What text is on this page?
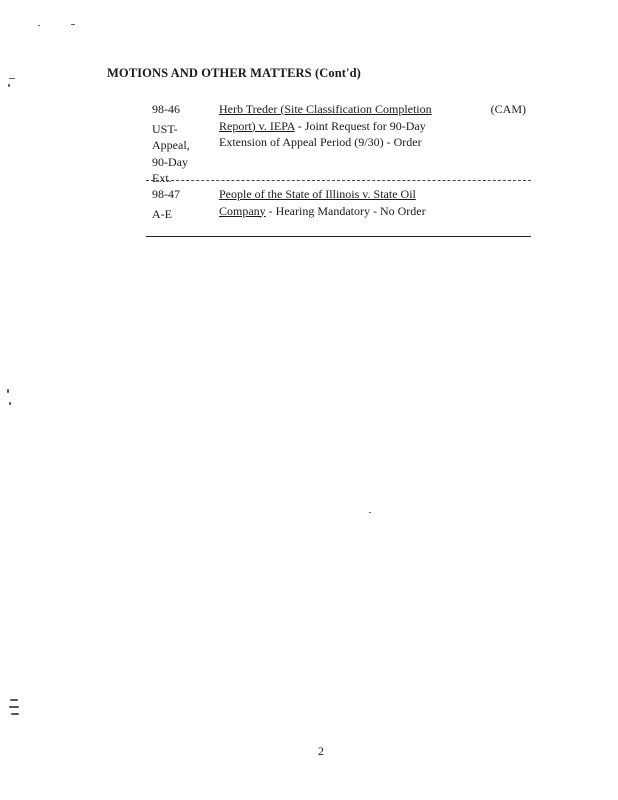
MOTIONS AND OTHER MATTERS (Cont'd)
98-46
UST-
Appeal,
90-Day
Ext.
Herb Treder (Site Classification Completion Report) v. IEPA - Joint Request for 90-Day Extension of Appeal Period (9/30) - Order
(CAM)
98-47
A-E
People of the State of Illinois v. State Oil Company - Hearing Mandatory - No Order
2
